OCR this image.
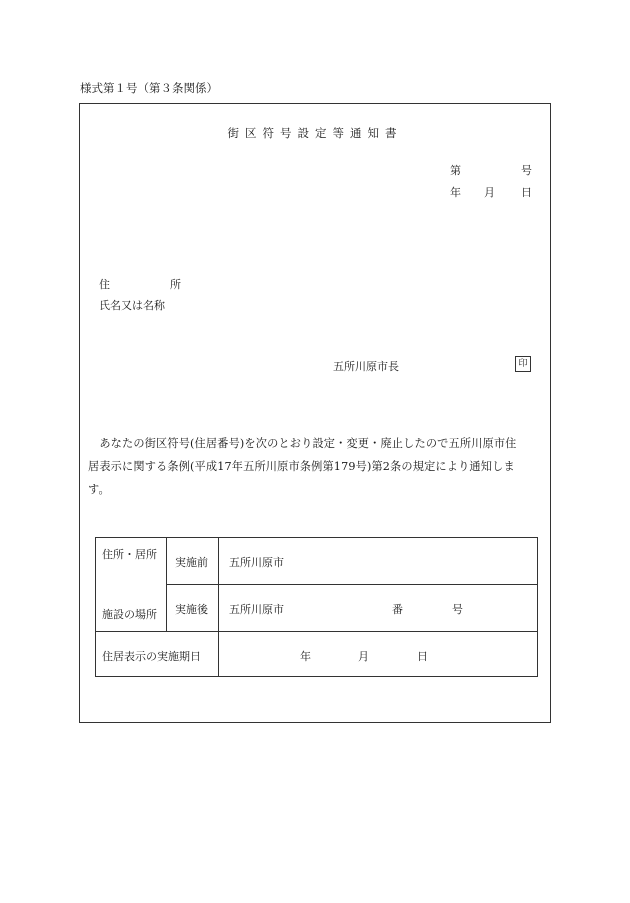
様式第１号（第３条関係）
街区符号設定等通知書
第	号
年 月 日
住	所
氏名又は名称
五所川原市長	印
　あなたの街区符号(住居番号)を次のとおり設定・変更・廃止したので五所川原市住
居表示に関する条例(平成17年五所川原市条例第179号)第2条の規定により通知しま
す。
住所・居所
施設の場所
実施前 五所川原市
実施後 五所川原市	番	号
住居表示の実施期日	年	月	日
